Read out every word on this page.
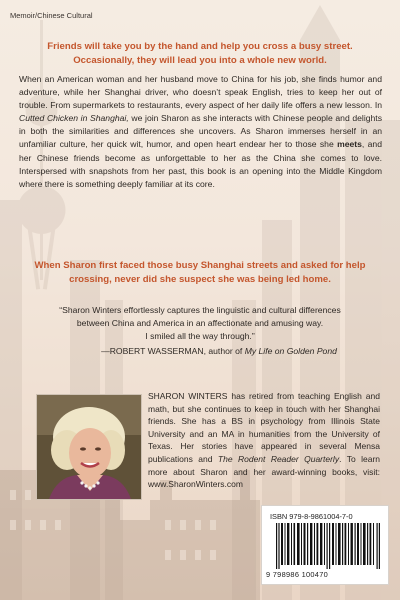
Memoir/Chinese Cultural
Friends will take you by the hand and help you cross a busy street.
Occasionally, they will lead you into a whole new world.
When an American woman and her husband move to China for his job, she finds humor and adventure, while her Shanghai driver, who doesn’t speak English, tries to keep her out of trouble. From supermarkets to restaurants, every aspect of her daily life offers a new lesson. In Cutted Chicken in Shanghai, we join Sharon as she interacts with Chinese people and delights in both the similarities and differences she uncovers. As Sharon immerses herself in an unfamiliar culture, her quick wit, humor, and open heart endear her to those she meets, and her Chinese friends become as unforgettable to her as the China she comes to love. Interspersed with snapshots from her past, this book is an opening into the Middle Kingdom where there is something deeply familiar at its core.
When Sharon first faced those busy Shanghai streets and asked for help
crossing, never did she suspect she was being led home.
“Sharon Winters effortlessly captures the linguistic and cultural differences
between China and America in an affectionate and amusing way.
I smiled all the way through.”
—ROBERT WASSERMAN, author of My Life on Golden Pond
SHARON WINTERS has retired from teaching English and math, but she continues to keep in touch with her Shanghai friends. She has a BS in psychology from Illinois State University and an MA in humanities from the University of Texas. Her stories have appeared in several Mensa publications and The Rodent Reader Quarterly. To learn more about Sharon and her award-winning books, visit: www.SharonWinters.com
ISBN 979-8-9861004-7-0
9 798986 100470
